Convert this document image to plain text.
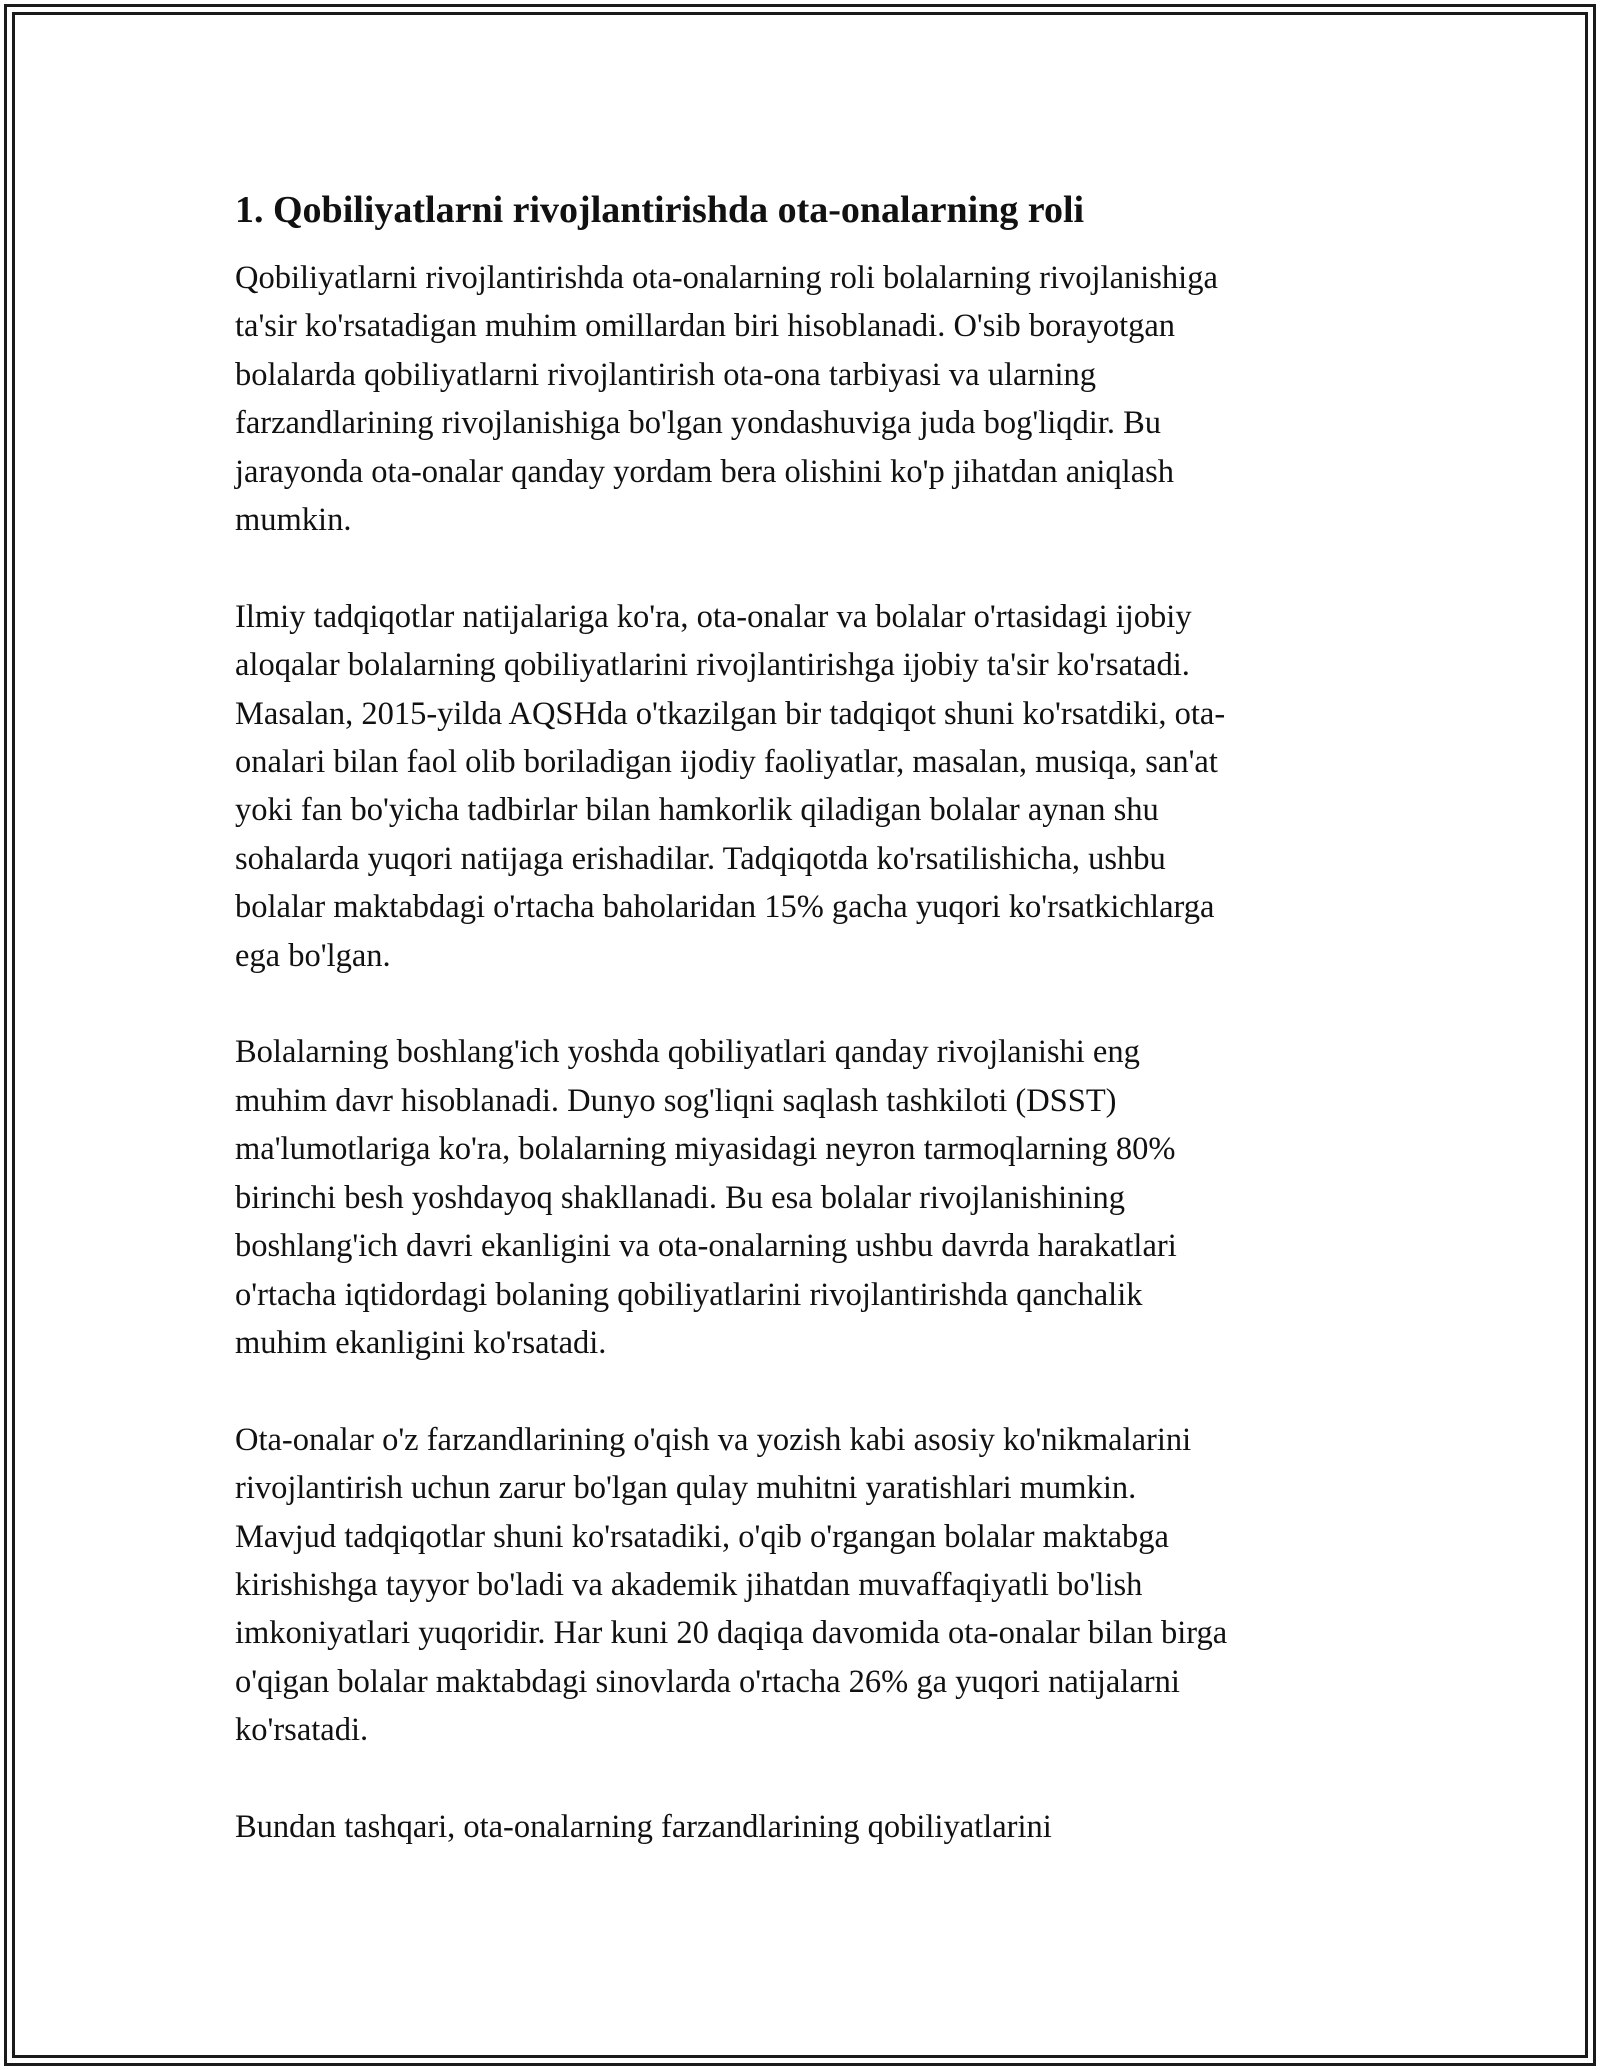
1. Qobiliyatlarni rivojlantirishda ota-onalarning roli

Qobiliyatlarni rivojlantirishda ota-onalarning roli bolalarning rivojlanishiga
ta'sir ko'rsatadigan muhim omillardan biri hisoblanadi. O'sib borayotgan
bolalarda qobiliyatlarni rivojlantirish ota-ona tarbiyasi va ularning
farzandlarining rivojlanishiga bo'lgan yondashuviga juda bog'liqdir. Bu
jarayonda ota-onalar qanday yordam bera olishini ko'p jihatdan aniqlash
mumkin.

Ilmiy tadqiqotlar natijalariga ko'ra, ota-onalar va bolalar o'rtasidagi ijobiy
aloqalar bolalarning qobiliyatlarini rivojlantirishga ijobiy ta'sir ko'rsatadi.
Masalan, 2015-yilda AQSHda o'tkazilgan bir tadqiqot shuni ko'rsatdiki, ota-
onalari bilan faol olib boriladigan ijodiy faoliyatlar, masalan, musiqa, san'at
yoki fan bo'yicha tadbirlar bilan hamkorlik qiladigan bolalar aynan shu
sohalarda yuqori natijaga erishadilar. Tadqiqotda ko'rsatilishicha, ushbu
bolalar maktabdagi o'rtacha baholaridan 15% gacha yuqori ko'rsatkichlarga
ega bo'lgan.

Bolalarning boshlang'ich yoshda qobiliyatlari qanday rivojlanishi eng
muhim davr hisoblanadi. Dunyo sog'liqni saqlash tashkiloti (DSST)
ma'lumotlariga ko'ra, bolalarning miyasidagi neyron tarmoqlarning 80%
birinchi besh yoshdayoq shakllanadi. Bu esa bolalar rivojlanishining
boshlang'ich davri ekanligini va ota-onalarning ushbu davrda harakatlari
o'rtacha iqtidordagi bolaning qobiliyatlarini rivojlantirishda qanchalik
muhim ekanligini ko'rsatadi.

Ota-onalar o'z farzandlarining o'qish va yozish kabi asosiy ko'nikmalarini
rivojlantirish uchun zarur bo'lgan qulay muhitni yaratishlari mumkin.
Mavjud tadqiqotlar shuni ko'rsatadiki, o'qib o'rgangan bolalar maktabga
kirishishga tayyor bo'ladi va akademik jihatdan muvaffaqiyatli bo'lish
imkoniyatlari yuqoridir. Har kuni 20 daqiqa davomida ota-onalar bilan birga
o'qigan bolalar maktabdagi sinovlarda o'rtacha 26% ga yuqori natijalarni
ko'rsatadi.

Bundan tashqari, ota-onalarning farzandlarining qobiliyatlarini
